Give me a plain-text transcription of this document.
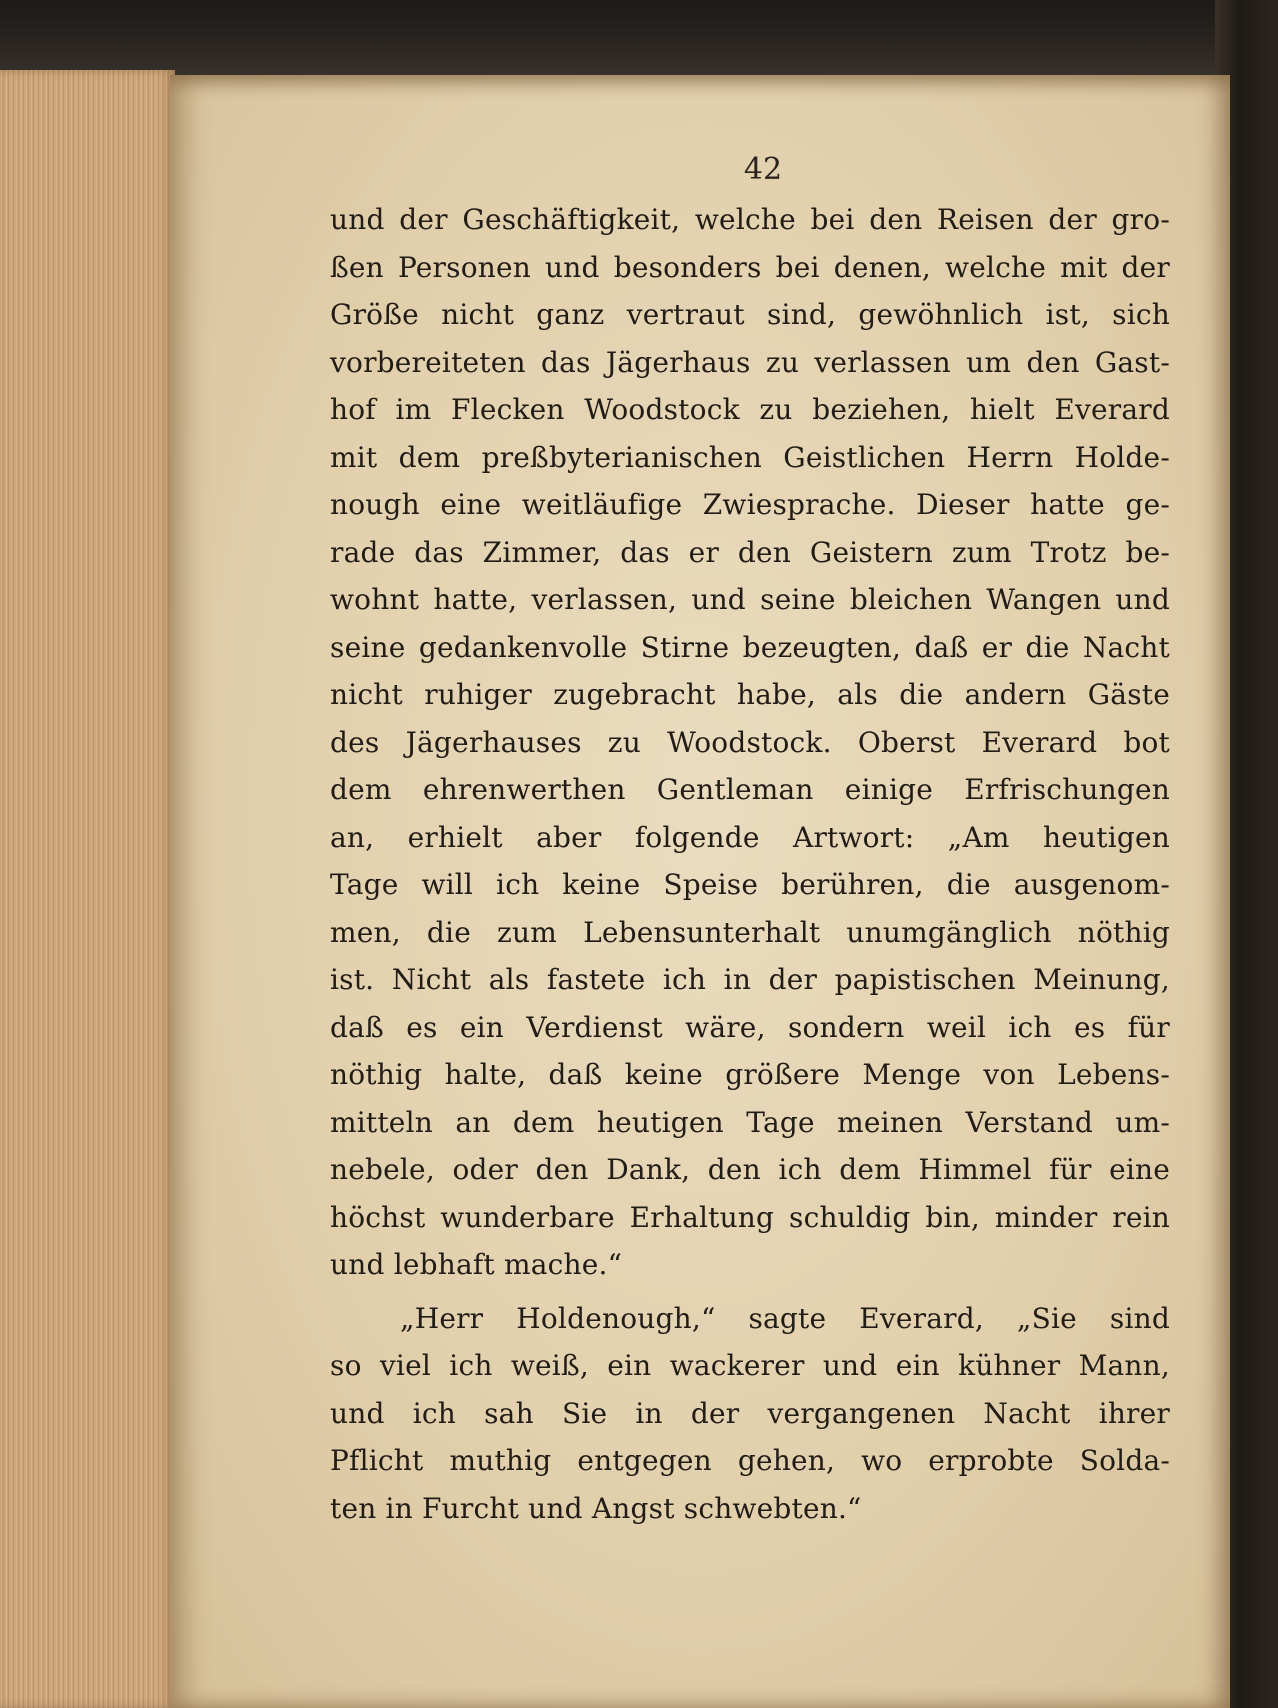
42
und der Geschäftigkeit, welche bei den Reisen der gro-
ßen Personen und besonders bei denen, welche mit der
Größe nicht ganz vertraut sind, gewöhnlich ist, sich
vorbereiteten das Jägerhaus zu verlassen um den Gast-
hof im Flecken Woodstock zu beziehen, hielt Everard
mit dem preßbyterianischen Geistlichen Herrn Holde-
nough eine weitläufige Zwiesprache. Dieser hatte ge-
rade das Zimmer, das er den Geistern zum Trotz be-
wohnt hatte, verlassen, und seine bleichen Wangen und
seine gedankenvolle Stirne bezeugten, daß er die Nacht
nicht ruhiger zugebracht habe, als die andern Gäste
des Jägerhauses zu Woodstock. Oberst Everard bot
dem ehrenwerthen Gentleman einige Erfrischungen
an, erhielt aber folgende Artwort: „Am heutigen
Tage will ich keine Speise berühren, die ausgenom-
men, die zum Lebensunterhalt unumgänglich nöthig
ist. Nicht als fastete ich in der papistischen Meinung,
daß es ein Verdienst wäre, sondern weil ich es für
nöthig halte, daß keine größere Menge von Lebens-
mitteln an dem heutigen Tage meinen Verstand um-
nebele, oder den Dank, den ich dem Himmel für eine
höchst wunderbare Erhaltung schuldig bin, minder rein
und lebhaft mache.“
„Herr Holdenough,“ sagte Everard, „Sie sind
so viel ich weiß, ein wackerer und ein kühner Mann,
und ich sah Sie in der vergangenen Nacht ihrer
Pflicht muthig entgegen gehen, wo erprobte Solda-
ten in Furcht und Angst schwebten.“
